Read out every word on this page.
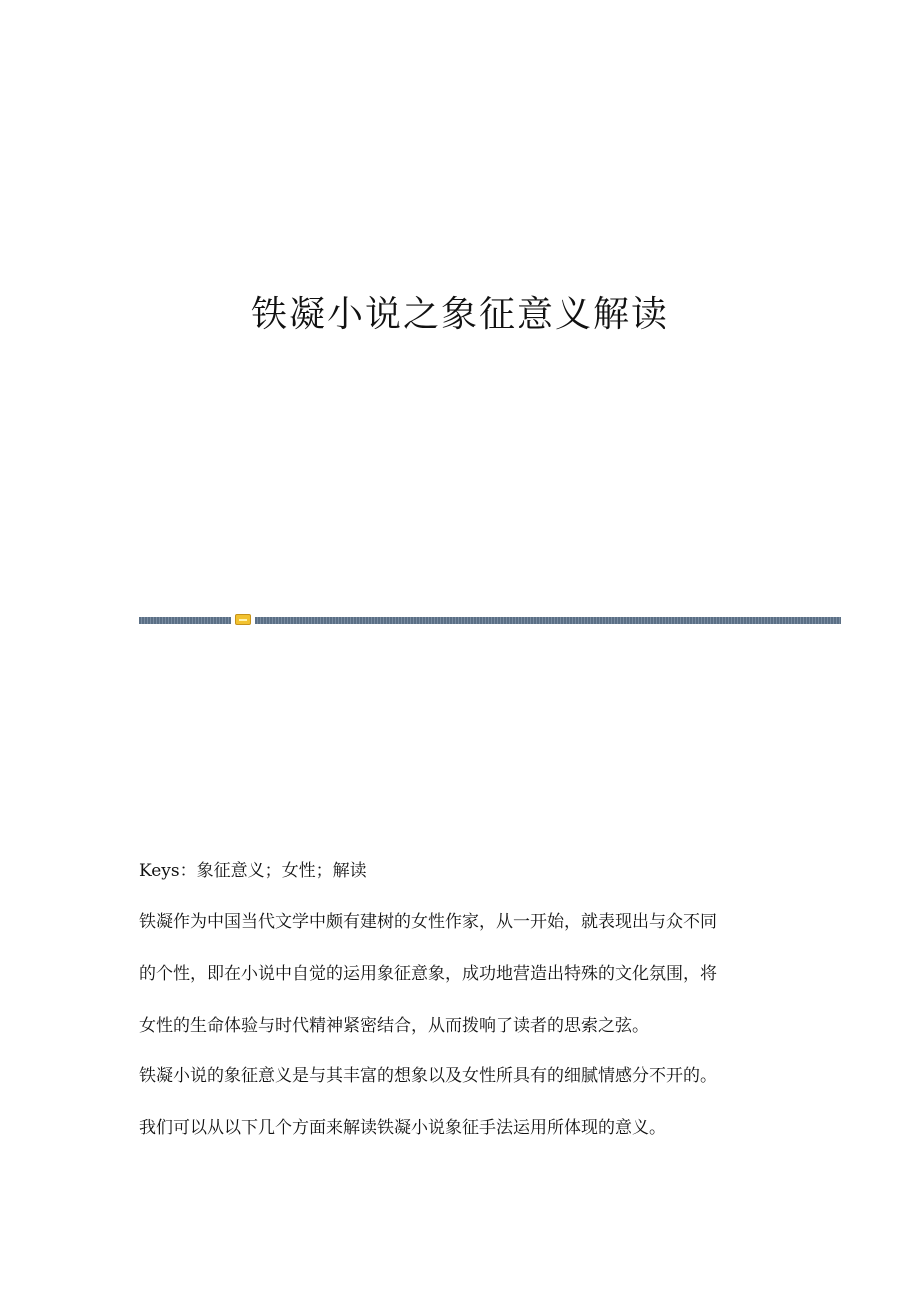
铁凝小说之象征意义解读
Keys：象征意义；女性；解读

铁凝作为中国当代文学中颇有建树的女性作家，从一开始，就表现出与众不同
的个性，即在小说中自觉的运用象征意象，成功地营造出特殊的文化氛围，将
女性的生命体验与时代精神紧密结合，从而拨响了读者的思索之弦。

铁凝小说的象征意义是与其丰富的想象以及女性所具有的细腻情感分不开的。
我们可以从以下几个方面来解读铁凝小说象征手法运用所体现的意义。
